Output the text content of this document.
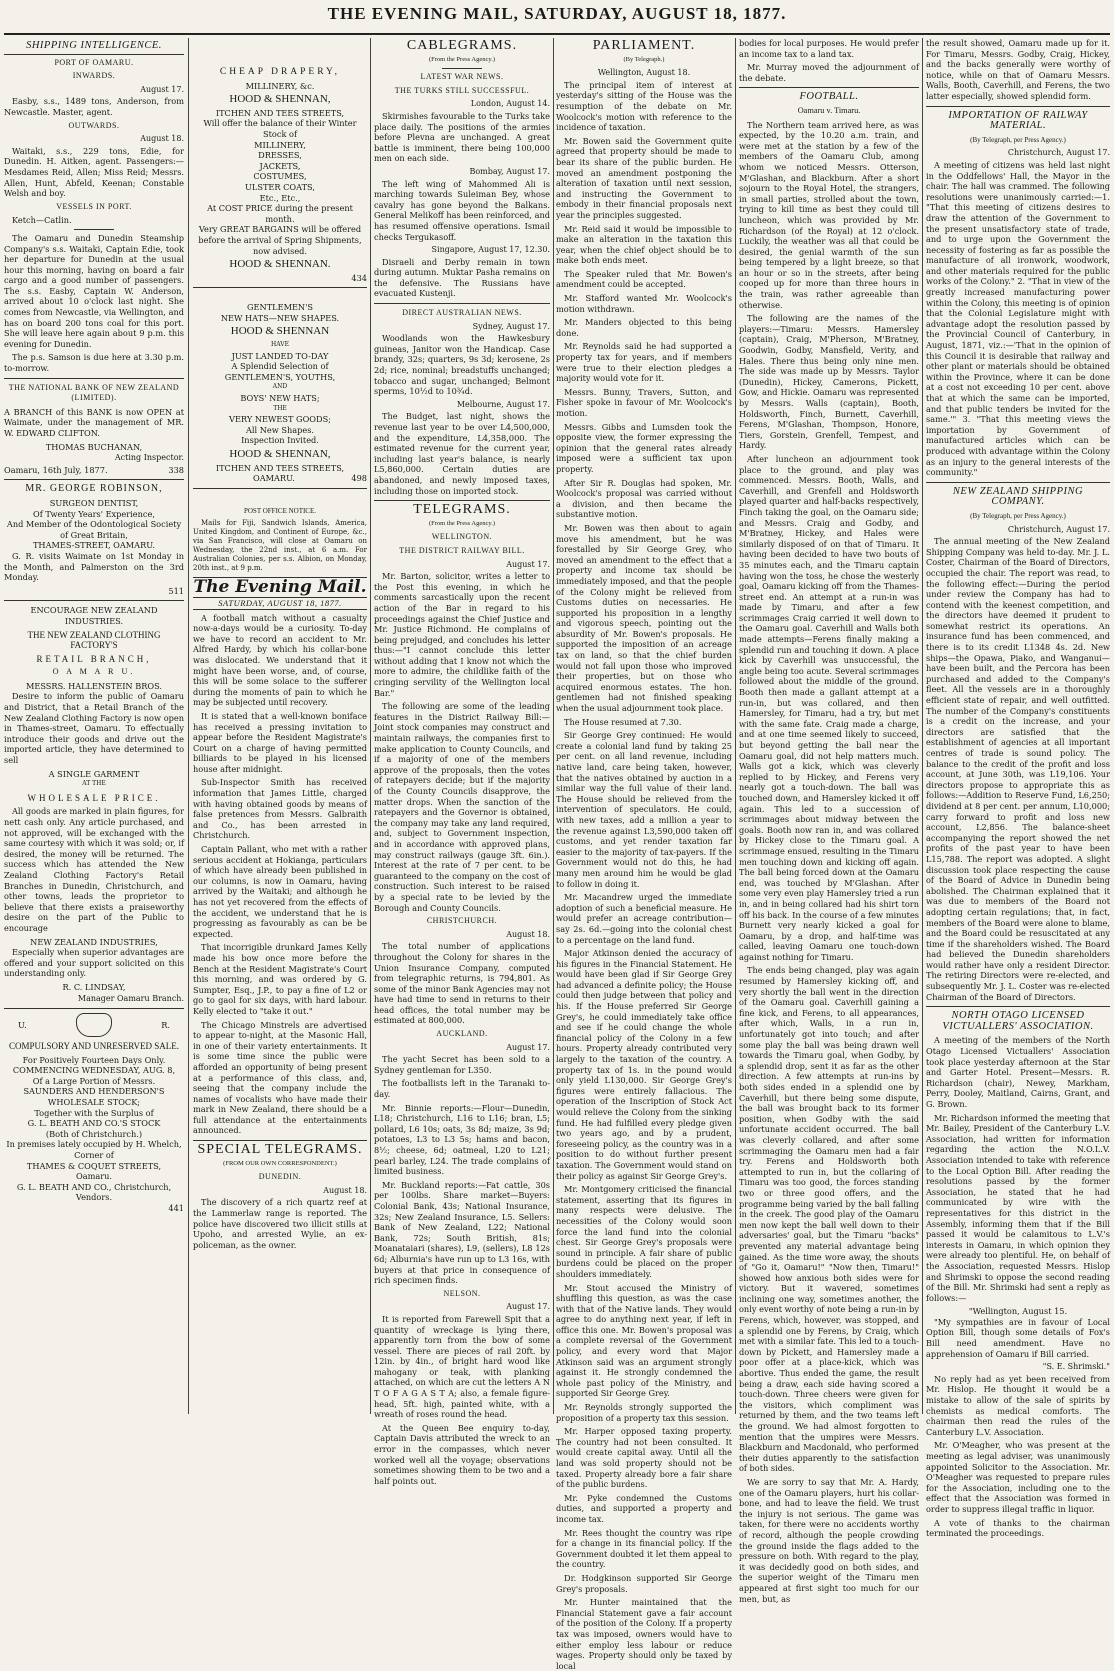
THE EVENING MAIL, SATURDAY, AUGUST 18, 1877.
SHIPPING INTELLIGENCE.
PORT OF OAMARU.
INWARDS.
August 17.

Easby, s.s., 1489 tons, Anderson, from Newcastle. Master, agent.

OUTWARDS.
August 18.

Waitaki, s.s., 229 tons, Edie, for Dunedin. H. Aitken, agent. Passengers:— Mesdames Reid, Allen; Miss Reid; Messrs. Allen, Hunt, Abfeld, Keenan; Constable Welsh and boy.

VESSELS IN PORT.

Ketch—Catlin.

The Oamaru and Dunedin Steamship Company's s.s. Waitaki, Captain Edie, took her departure for Dunedin at the usual hour this morning, having on board a fair cargo and a good number of passengers. The s.s. Easby, Captain W. Anderson, arrived about 10 o'clock last night. She comes from Newcastle, via Wellington, and has on board 200 tons coal for this port. She will leave here again about 9 p.m. this evening for Dunedin.

The p.s. Samson is due here at 3.30 p.m. to-morrow.

THE NATIONAL BANK OF NEW ZEALAND (LIMITED).

A BRANCH of this BANK is now OPEN at Waimate, under the management of MR. W. EDWARD CLIFTON.

THOMAS BUCHANAN,
Acting Inspector.
Oamaru, 16th July, 1877.	338
MR. GEORGE ROBINSON,
SURGEON DENTIST,
Of Twenty Years' Experience,
And Member of the Odontological Society of Great Britain,
THAMES-STREET, OAMARU.

G. R. visits Waimate on 1st Monday in the Month, and Palmerston on the 3rd Monday.

511
ENCOURAGE NEW ZEALAND INDUSTRIES.
THE NEW ZEALAND CLOTHING FACTORY'S
RETAIL BRANCH,
O A M A R U.
MESSRS. HALLENSTEIN BROS.

Desire to inform the public of Oamaru and District, that a Retail Branch of the New Zealand Clothing Factory is now open in Thames-street, Oamaru. To effectually introduce their goods and drive out the imported article, they have determined to sell

A SINGLE GARMENT
AT THE
WHOLESALE PRICE.

All goods are marked in plain figures, for nett cash only. Any article purchased, and not approved, will be exchanged with the same courtesy with which it was sold; or, if desired, the money will be returned. The success which has attended the New Zealand Clothing Factory's Retail Branches in Dunedin, Christchurch, and other towns, leads the proprietor to believe that there exists a praiseworthy desire on the part of the Public to encourage

NEW ZEALAND INDUSTRIES,

Especially when superior advantages are offered and your support solicited on this understanding only.

R. C. LINDSAY,
Manager Oamaru Branch.
U.	R.
COMPULSORY AND UNRESERVED SALE.
For Positively Fourteen Days Only.
COMMENCING WEDNESDAY, AUG. 8,
Of a Large Portion of Messrs.
SAUNDERS AND HENDERSON'S WHOLESALE STOCK;
Together with the Surplus of
G. L. BEATH AND CO.'S STOCK
(Both of Christchurch.)
In premises lately occupied by H. Whelch, Corner of
THAMES & COQUET STREETS,
Oamaru.
G. L. BEATH AND CO., Christchurch, Vendors.
441
CHEAP DRAPERY,
MILLINERY, &c.
HOOD & SHENNAN,
ITCHEN AND TEES STREETS,
Will offer the balance of their Winter Stock of
MILLINERY,
DRESSES,
JACKETS,
COSTUMES,
ULSTER COATS,
Etc., Etc.,
At COST PRICE during the present month.
Very GREAT BARGAINS will be offered before the arrival of Spring Shipments, now advised.
HOOD & SHENNAN.
434
GENTLEMEN'S
NEW HATS—NEW SHAPES.
HOOD & SHENNAN
HAVE
JUST LANDED TO-DAY
A Splendid Selection of
GENTLEMEN'S, YOUTHS,
AND
BOYS' NEW HATS;
THE
VERY NEWEST GOODS;
All New Shapes.
Inspection Invited.
HOOD & SHENNAN,
ITCHEN AND TEES STREETS,
OAMARU.	498
POST OFFICE NOTICE.

Mails for Fiji, Sandwich Islands, America, United Kingdom, and Continent of Europe, &c., via San Francisco, will close at Oamaru on Wednesday, the 22nd inst., at 6 a.m. For Australian Colonies, per s.s. Albion, on Monday, 20th inst., at 9 p.m.

The Evening Mail.
SATURDAY, AUGUST 18, 1877.

A football match without a casualty now-a-days would be a curiosity. To-day we have to record an accident to Mr. Alfred Hardy, by which his collar-bone was dislocated. We understand that it might have been worse, and, of course, this will be some solace to the sufferer during the moments of pain to which he may be subjected until recovery.

It is stated that a well-known boniface has received a pressing invitation to appear before the Resident Magistrate's Court on a charge of having permitted billiards to be played in his licensed house after midnight.

Sub-Inspector Smith has received information that James Little, charged with having obtained goods by means of false pretences from Messrs. Galbraith and Co., has been arrested in Christchurch.

Captain Pallant, who met with a rather serious accident at Hokianga, particulars of which have already been published in our columns, is now in Oamaru, having arrived by the Waitaki; and although he has not yet recovered from the effects of the accident, we understand that he is progressing as favourably as can be be expected.

That incorrigible drunkard James Kelly made his bow once more before the Bench at the Resident Magistrate's Court this morning, and was ordered by G. Sumpter, Esq., J.P., to pay a fine of L2 or go to gaol for six days, with hard labour. Kelly elected to "take it out."

The Chicago Minstrels are advertised to appear to-night, at the Masonic Hall, in one of their variety entertainments. It is some time since the public were afforded an opportunity of being present at a performance of this class, and, seeing that the company include the names of vocalists who have made their mark in New Zealand, there should be a full attendance at the entertainments announced.

SPECIAL TELEGRAMS.
(FROM OUR OWN CORRESPONDENT.)
DUNEDIN.
August 18.

The discovery of a rich quartz reef at the Lammerlaw range is reported. The police have discovered two illicit stills at Upoho, and arrested Wylie, an ex-policeman, as the owner.

CABLEGRAMS.
(From the Press Agency.)
LATEST WAR NEWS.
THE TURKS STILL SUCCESSFUL.
London, August 14.

Skirmishes favourable to the Turks take place daily. The positions of the armies before Plevna are unchanged. A great battle is imminent, there being 100,000 men on each side.

Bombay, August 17.

The left wing of Mahommed Ali is marching towards Suleiman Bey, whose cavalry has gone beyond the Balkans. General Melikoff has been reinforced, and has resumed offensive operations. Ismail checks Tergukasoff.

Singapore, August 17, 12.30.

Disraeli and Derby remain in town during autumn. Muktar Pasha remains on the defensive. The Russians have evacuated Kustenji.

DIRECT AUSTRALIAN NEWS.
Sydney, August 17.

Woodlands won the Hawkesbury guineas, Janitor won the Handicap. Case brandy, 32s; quarters, 9s 3d; kerosene, 2s 2d; rice, nominal; breadstuffs unchanged; tobacco and sugar, unchanged; Belmont sperms, 10½d to 10¾d.

Melbourne, August 17.

The Budget, last night, shows the revenue last year to be over L4,500,000, and the expenditure, L4,358,000. The estimated revenue for the current year, including last year's balance, is nearly L5,860,000. Certain duties are abandoned, and newly imposed taxes, including those on imported stock.

TELEGRAMS.
(From the Press Agency.)
WELLINGTON.
THE DISTRICT RAILWAY BILL.
August 17.

Mr. Barton, solicitor, writes a letter to the Post this evening, in which he comments sarcastically upon the recent action of the Bar in regard to his proceedings against the Chief Justice and Mr. Justice Richmond. He complains of being prejudged, and concludes his letter thus:—"I cannot conclude this letter without adding that I know not which the more to admire, the childlike faith of the cringing servility of the Wellington local Bar."

The following are some of the leading features in the District Railway Bill:—Joint stock companies may construct and maintain railways, the companies first to make application to County Councils, and if a majority of one of the members approve of the proposals, then the votes of ratepayers decide; but if the majority of the County Councils disapprove, the matter drops. When the sanction of the ratepayers and the Governor is obtained, the company may take any land required, and, subject to Government inspection, and in accordance with approved plans, may construct railways (gauge 3ft. 6in.). Interest at the rate of 7 per cent. to be guaranteed to the company on the cost of construction. Such interest to be raised by a special rate to be levied by the Borough and County Councils.

CHRISTCHURCH.
August 18.

The total number of applications throughout the Colony for shares in the Union Insurance Company, computed from telegraphic returns, is 794,801. As some of the minor Bank Agencies may not have had time to send in returns to their head offices, the total number may be estimated at 800,000.

AUCKLAND.
August 17.

The yacht Secret has been sold to a Sydney gentleman for L350.

The footballists left in the Taranaki to-day.

Mr. Binnie reports:—Flour—Dunedin, L18; Christchurch, L16 to L16; bran, L5; pollard, L6 10s; oats, 3s 8d; maize, 3s 9d; potatoes, L3 to L3 5s; hams and bacon, 8½; cheese, 6d; oatmeal, L20 to L21; pearl barley, L24. The trade complains of limited business.

Mr. Buckland reports:—Fat cattle, 30s per 100lbs. Share market—Buyers: Colonial Bank, 43s; National Insurance, 32s; New Zealand Insurance, L5. Sellers: Bank of New Zealand, L22; National Bank, 72s; South British, 81s; Moanataiari (shares), L9, (sellers), L8 12s 6d; Alburnia's have run up to L3 16s, with buyers at that price in consequence of rich specimen finds.

NELSON.
August 17.

It is reported from Farewell Spit that a quantity of wreckage is lying there, apparently torn from the bow of some vessel. There are pieces of rail 20ft. by 12in. by 4in., of bright hard wood like mahogany or teak, with planking attached, on which are cut the letters A N T O F A G A S T A; also, a female figure-head, 5ft. high, painted white, with a wreath of roses round the head.

At the Queen Bee enquiry to-day, Captain Davis attributed the wreck to an error in the compasses, which never worked well all the voyage; observations sometimes showing them to be two and a half points out.

PARLIAMENT.
(By Telegraph.)
Wellington, August 18.

The principal item of interest at yesterday's sitting of the House was the resumption of the debate on Mr. Woolcock's motion with reference to the incidence of taxation.

Mr. Bowen said the Government quite agreed that property should be made to bear its share of the public burden. He moved an amendment postponing the alteration of taxation until next session, and instructing the Government to embody in their financial proposals next year the principles suggested.

Mr. Reid said it would be impossible to make an alteration in the taxation this year, when the chief object should be to make both ends meet.

The Speaker ruled that Mr. Bowen's amendment could be accepted.

Mr. Stafford wanted Mr. Woolcock's motion withdrawn.

Mr. Manders objected to this being done.

Mr. Reynolds said he had supported a property tax for years, and if members were true to their election pledges a majority would vote for it.

Messrs. Bunny, Travers, Sutton, and Fisher spoke in favour of Mr. Woolcock's motion.

Messrs. Gibbs and Lumsden took the opposite view, the former expressing the opinion that the general rates already imposed were a sufficient tax upon property.

After Sir R. Douglas had spoken, Mr. Woolcock's proposal was carried without a division, and then became the substantive motion.

Mr. Bowen was then about to again move his amendment, but he was forestalled by Sir George Grey, who moved an amendment to the effect that a property and income tax should be immediately imposed, and that the people of the Colony might be relieved from Customs duties on necessaries. He supported his proposition in a lengthy and vigorous speech, pointing out the absurdity of Mr. Bowen's proposals. He supported the imposition of an acreage tax on land, so that the chief burden would not fall upon those who improved their properties, but on those who acquired enormous estates. The hon. gentlemen had not finished speaking when the usual adjournment took place.

The House resumed at 7.30.

Sir George Grey continued: He would create a colonial land fund by taking 25 per cent. on all land revenue, including native land, care being taken, however, that the natives obtained by auction in a similar way the full value of their land. The House should be relieved from the intervention of speculators. He could, with new taxes, add a million a year to the revenue against L3,590,000 taken off customs, and yet render taxation far easier to the majority of tax-payers. If the Government would not do this, he had many men around him he would be glad to follow in doing it.

Mr. Macandrew urged the immediate adoption of such a beneficial measure. He would prefer an acreage contribution—say 2s. 6d.—going into the colonial chest to a percentage on the land fund.

Major Atkinson denied the accuracy of his figures in the Financial Statement. He would have been glad if Sir George Grey had advanced a definite policy; the House could then judge between that policy and his. If the House preferred Sir George Grey's, he could immediately take office and see if he could change the whole financial policy of the Colony in a few hours. Property already contributed very largely to the taxation of the country. A property tax of 1s. in the pound would only yield L130,000. Sir George Grey's figures were entirely fallacious. The operation of the Inscription of Stock Act would relieve the Colony from the sinking fund. He had fulfilled every pledge given two years ago, and by a prudent, foreseeing policy, as the country was in a position to do without further present taxation. The Government would stand on their policy as against Sir George Grey's.

Mr. Montgomery criticised the financial statement, asserting that its figures in many respects were delusive. The necessities of the Colony would soon force the land fund into the colonial chest. Sir George Grey's proposals were sound in principle. A fair share of public burdens could be placed on the proper shoulders immediately.

Mr. Stout accused the Ministry of shuffling this question, as was the case with that of the Native lands. They would agree to do anything next year, if left in office this one. Mr. Bowen's proposal was a complete reversal of the Government policy, and every word that Major Atkinson said was an argument strongly against it. He strongly condemned the whole past policy of the Ministry, and supported Sir George Grey.

Mr. Reynolds strongly supported the proposition of a property tax this session.

Mr. Harper opposed taxing property. The country had not been consulted. It would create capital away. Until all the land was sold property should not be taxed. Property already bore a fair share of the public burdens.

Mr. Pyke condemned the Customs duties, and supported a property and income tax.

Mr. Rees thought the country was ripe for a change in its financial policy. If the Government doubted it let them appeal to the country.

Dr. Hodgkinson supported Sir George Grey's proposals.

Mr. Hunter maintained that the Financial Statement gave a fair account of the position of the Colony. If a property tax was imposed, owners would have to either employ less labour or reduce wages. Property should only be taxed by local

bodies for local purposes. He would prefer an income tax to a land tax.

Mr. Murray moved the adjournment of the debate.

FOOTBALL.
Oamaru v. Timaru.

The Northern team arrived here, as was expected, by the 10.20 a.m. train, and were met at the station by a few of the members of the Oamaru Club, among whom we noticed Messrs. Otterson, M'Glashan, and Blackburn. After a short sojourn to the Royal Hotel, the strangers, in small parties, strolled about the town, trying to kill time as best they could till luncheon, which was provided by Mr. Richardson (of the Royal) at 12 o'clock. Luckily, the weather was all that could be desired, the genial warmth of the sun being tempered by a light breeze, so that an hour or so in the streets, after being cooped up for more than three hours in the train, was rather agreeable than otherwise.

The following are the names of the players:—Timaru: Messrs. Hamersley (captain), Craig, M'Pherson, M'Bratney, Goodwin, Godby, Mansfield, Verity, and Hales. There thus being only nine men. The side was made up by Messrs. Taylor (Dunedin), Hickey, Camerons, Pickett, Gow, and Hickie. Oamaru was represented by Messrs. Walls (captain), Booth, Holdsworth, Finch, Burnett, Caverhill, Ferens, M'Glashan, Thompson, Honore, Tiers, Gorstein, Grenfell, Tempest, and Hardy.

After luncheon an adjournment took place to the ground, and play was commenced. Messrs. Booth, Walls, and Caverhill, and Grenfell and Holdsworth played quarter and half-backs respectively, Finch taking the goal, on the Oamaru side; and Messrs. Craig and Godby, and M'Bratney, Hickey, and Hales were similarly disposed of on that of Timaru. It having been decided to have two bouts of 35 minutes each, and the Timaru captain having won the toss, he chose the westerly goal, Oamaru kicking off from the Thames-street end. An attempt at a run-in was made by Timaru, and after a few scrimmages Craig carried it well down to the Oamaru goal. Caverhill and Walls both made attempts—Ferens finally making a splendid run and touching it down. A place kick by Caverhill was unsuccessful, the angle being too acute. Several scrimmages followed about the middle of the ground. Booth then made a gallant attempt at a run-in, but was collared, and then Hamersley, for Timaru, had a try, but met with the same fate. Craig made a charge, and at one time seemed likely to succeed, but beyond getting the ball near the Oamaru goal, did not help matters much. Walls got a kick, which was cleverly replied to by Hickey, and Ferens very nearly got a touch-down. The ball was touched down, and Hamersley kicked it off again. This led to a succession of scrimmages about midway between the goals. Booth now ran in, and was collared by Hickey close to the Timaru goal. A scrimmage ensued, resulting in the Timaru men touching down and kicking off again. The ball being forced down at the Oamaru end, was touched by M'Glashan. After some very even play Hamersley tried a run in, and in being collared had his shirt torn off his back. In the course of a few minutes Burnett very nearly kicked a goal for Oamaru, by a drop, and half-time was called, leaving Oamaru one touch-down against nothing for Timaru.

The ends being changed, play was again resumed by Hamersley kicking off, and very shortly the ball went in the direction of the Oamaru goal. Caverhill gaining a fine kick, and Ferens, to all appearances, after which, Walls, in a run in, unfortunately got into touch; and after some play the ball was being drawn well towards the Timaru goal, when Godby, by a splendid drop, sent it as far as the other direction. A few attempts at run-ins by both sides ended in a splendid one by Caverhill, but there being some dispute, the ball was brought back to its former position, when Godby with the said unfortunate accident occurred. The ball was cleverly collared, and after some scrimmaging the Oamaru men had a fair try. Ferens and Holdsworth both attempted to run in, but the collaring of Timaru was too good, the forces standing two or three good offers, and the programme being varied by the ball falling in the creek. The good play of the Oamaru men now kept the ball well down to their adversaries' goal, but the Timaru "backs" prevented any material advantage being gained. As the time wore away, the shouts of "Go it, Oamaru!" "Now then, Timaru!" showed how anxious both sides were for victory. But it wavered, sometimes inclining one way, sometimes another, the only event worthy of note being a run-in by Ferens, which, however, was stopped, and a splendid one by Ferens, by Craig, which met with a similar fate. This led to a touch-down by Pickett, and Hamersley made a poor offer at a place-kick, which was abortive. Thus ended the game, the result being a draw, each side having scored a touch-down. Three cheers were given for the visitors, which compliment was returned by them, and the two teams left the ground. We had almost forgotten to mention that the umpires were Messrs. Blackburn and Macdonald, who performed their duties apparently to the satisfaction of both sides.

We are sorry to say that Mr. A. Hardy, one of the Oamaru players, hurt his collar-bone, and had to leave the field. We trust the injury is not serious. The game was taken, for there were no accidents worthy of record, although the people crowding the ground inside the flags added to the pressure on both. With regard to the play, it was decidedly good on both sides, and the superior weight of the Timaru men appeared at first sight too much for our men, but, as

the result showed, Oamaru made up for it. For Timaru, Messrs. Godby, Craig, Hickey, and the backs generally were worthy of notice, while on that of Oamaru Messrs. Walls, Booth, Caverhill, and Ferens, the two latter especially, showed splendid form.

IMPORTATION OF RAILWAY MATERIAL.
(By Telegraph, per Press Agency.)
Christchurch, August 17.

A meeting of citizens was held last night in the Oddfellows' Hall, the Mayor in the chair. The hall was crammed. The following resolutions were unanimously carried:—1. "That this meeting of citizens desires to draw the attention of the Government to the present unsatisfactory state of trade, and to urge upon the Government the necessity of fostering as far as possible the manufacture of all ironwork, woodwork, and other materials required for the public works of the Colony." 2. "That in view of the greatly increased manufacturing power within the Colony, this meeting is of opinion that the Colonial Legislature might with advantage adopt the resolution passed by the Provincial Council of Canterbury, in August, 1871, viz.:—'That in the opinion of this Council it is desirable that railway and other plant or materials should be obtained within the Province, where it can be done at a cost not exceeding 10 per cent. above that at which the same can be imported, and that public tenders be invited for the same.'" 3. "That this meeting views the importation by Government of manufactured articles which can be produced with advantage within the Colony as an injury to the general interests of the community."

NEW ZEALAND SHIPPING COMPANY.
(By Telegraph, per Press Agency.)
Christchurch, August 17.

The annual meeting of the New Zealand Shipping Company was held to-day. Mr. J. L. Coster, Chairman of the Board of Directors, occupied the chair. The report was read, to the following effect:—During the period under review the Company has had to contend with the keenest competition, and the directors have deemed it prudent to somewhat restrict its operations. An insurance fund has been commenced, and there is to its credit L1348 4s. 2d. New ships—the Opawa, Piako, and Wanganui—have been built, and the Percora has been purchased and added to the Company's fleet. All the vessels are in a thoroughly efficient state of repair, and well outfitted. The number of the Company's constituents is a credit on the increase, and your directors are satisfied that the establishment of agencies at all important centres of trade is sound policy. The balance to the credit of the profit and loss account, at June 30th, was L19,106. Your directors propose to appropriate this as follows:—Addition to Reserve Fund, L6,250; dividend at 8 per cent. per annum, L10,000; carry forward to profit and loss new account, L2,856. The balance-sheet accompanying the report showed the net profits of the past year to have been L15,788. The report was adopted. A slight discussion took place respecting the cause of the Board of Advice in Dunedin being abolished. The Chairman explained that it was due to members of the Board not adopting certain regulations; that, in fact, members of the Board were alone to blame, and the Board could be resuscitated at any time if the shareholders wished. The Board had believed the Dunedin shareholders would rather have only a resident Director. The retiring Directors were re-elected, and subsequently Mr. J. L. Coster was re-elected Chairman of the Board of Directors.

NORTH OTAGO LICENSED VICTUALLERS' ASSOCIATION.

A meeting of the members of the North Otago Licensed Victuallers' Association took place yesterday afternoon at the Star and Garter Hotel. Present—Messrs. R. Richardson (chair), Newey, Markham, Perry, Dooley, Maitland, Cairns, Grant, and G. Brown.

Mr. Richardson informed the meeting that Mr. Bailey, President of the Canterbury L.V. Association, had written for information regarding the action the N.O.L.V. Association intended to take with reference to the Local Option Bill. After reading the resolutions passed by the former Association, he stated that he had communicated by wire with the representatives for this district in the Assembly, informing them that if the Bill passed it would be calamitous to L.V.'s interests in Oamaru, in which opinion they were already too plentiful. He, on behalf of the Association, requested Messrs. Hislop and Shrimski to oppose the second reading of the Bill. Mr. Shrimski had sent a reply as follows:—

"Wellington, August 15.

"My sympathies are in favour of Local Option Bill, though some details of Fox's Bill need amendment. Have no apprehension of Oamaru if Bill carried.

"S. E. Shrimski."

No reply had as yet been received from Mr. Hislop. He thought it would be a mistake to allow of the sale of spirits by chemists as medical comforts. The chairman then read the rules of the Canterbury L.V. Association.

Mr. O'Meagher, who was present at the meeting as legal adviser, was unanimously appointed Solicitor to the Association. Mr. O'Meagher was requested to prepare rules for the Association, including one to the effect that the Association was formed in order to suppress illegal traffic in liquor.

A vote of thanks to the chairman terminated the proceedings.
